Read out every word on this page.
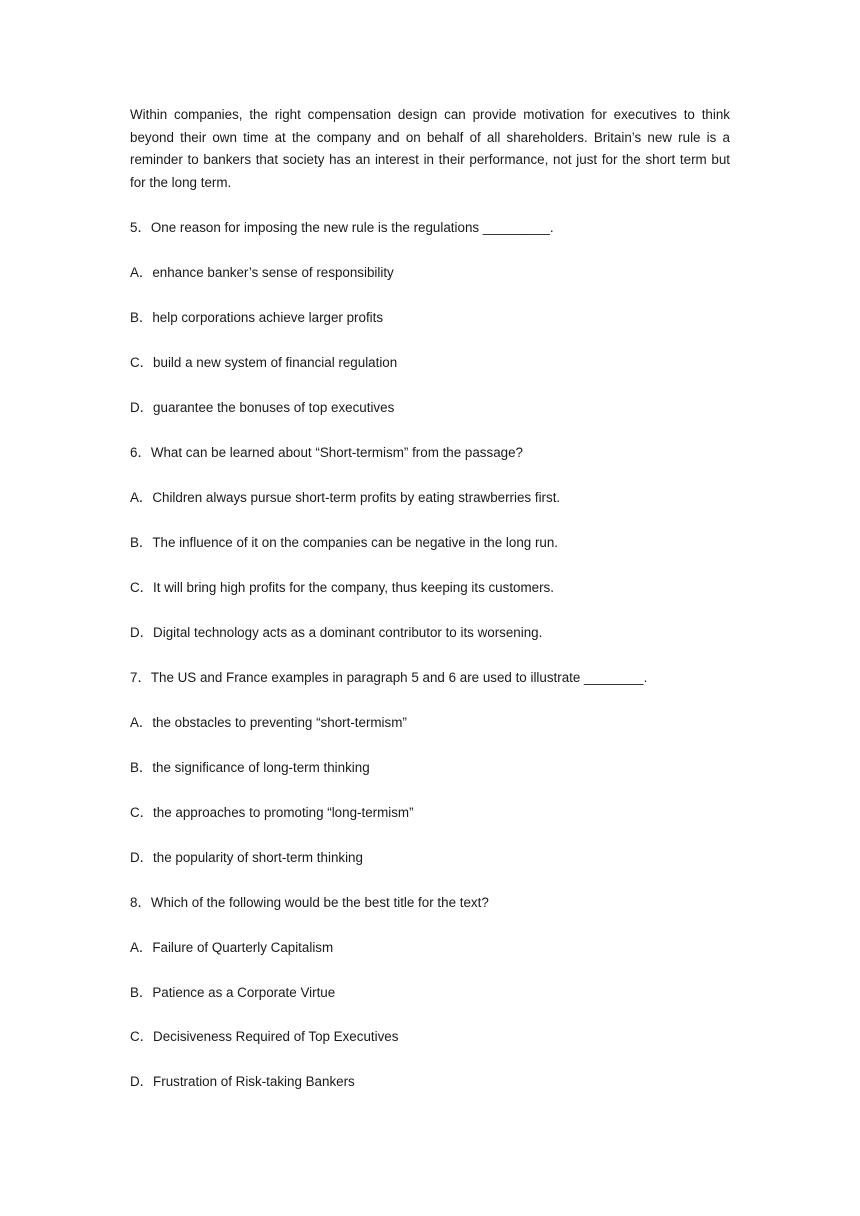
Within companies, the right compensation design can provide motivation for executives to think beyond their own time at the company and on behalf of all shareholders. Britain’s new rule is a reminder to bankers that society has an interest in their performance, not just for the short term but for the long term.

5．One reason for imposing the new rule is the regulations _________.

A．enhance banker’s sense of responsibility

B．help corporations achieve larger profits

C．build a new system of financial regulation

D．guarantee the bonuses of top executives

6．What can be learned about “Short-termism” from the passage?

A．Children always pursue short-term profits by eating strawberries first.

B．The influence of it on the companies can be negative in the long run.

C．It will bring high profits for the company, thus keeping its customers.

D．Digital technology acts as a dominant contributor to its worsening.

7．The US and France examples in paragraph 5 and 6 are used to illustrate ________.

A．the obstacles to preventing “short-termism”

B．the significance of long-term thinking

C．the approaches to promoting “long-termism”

D．the popularity of short-term thinking

8．Which of the following would be the best title for the text?

A．Failure of Quarterly Capitalism

B．Patience as a Corporate Virtue

C．Decisiveness Required of Top Executives

D．Frustration of Risk-taking Bankers
